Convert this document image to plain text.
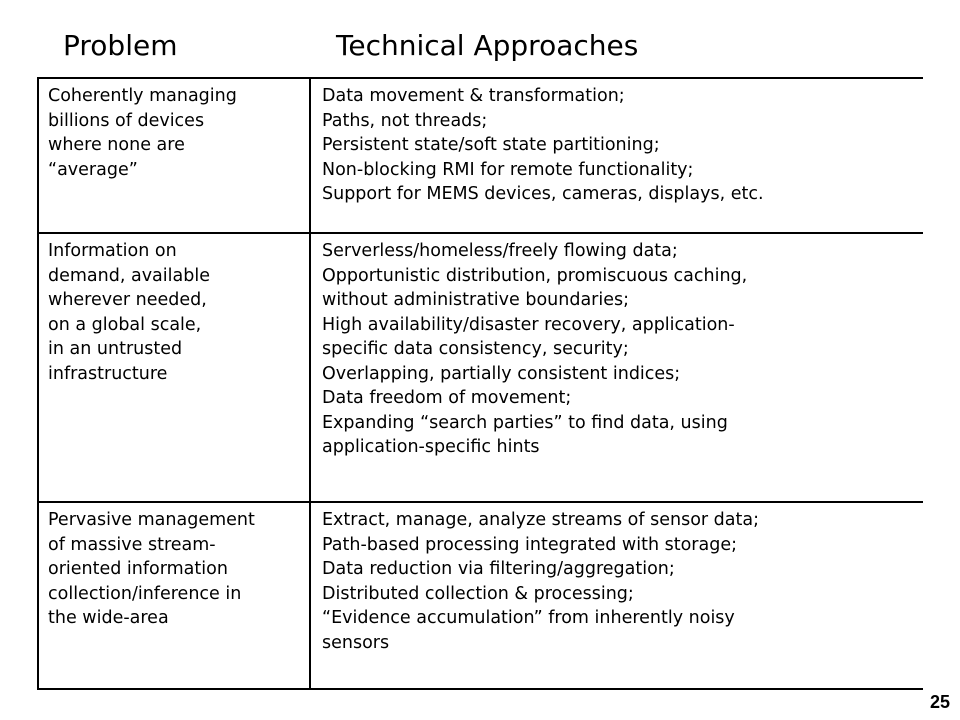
Problem	Technical Approaches
Coherently managing
billions of devices
where none are
“average”
Data movement & transformation;
Paths, not threads;
Persistent state/soft state partitioning;
Non-blocking RMI for remote functionality;
Support for MEMS devices, cameras, displays, etc.
Information on
demand, available
wherever needed,
on a global scale,
in an untrusted
infrastructure
Serverless/homeless/freely flowing data;
Opportunistic distribution, promiscuous caching,
without administrative boundaries;
High availability/disaster recovery, application-
specific data consistency, security;
Overlapping, partially consistent indices;
Data freedom of movement;
Expanding “search parties” to find data, using
application-specific hints
Pervasive management
of massive stream-
oriented information
collection/inference in
the wide-area
Extract, manage, analyze streams of sensor data;
Path-based processing integrated with storage;
Data reduction via filtering/aggregation;
Distributed collection & processing;
“Evidence accumulation” from inherently noisy
sensors
25
